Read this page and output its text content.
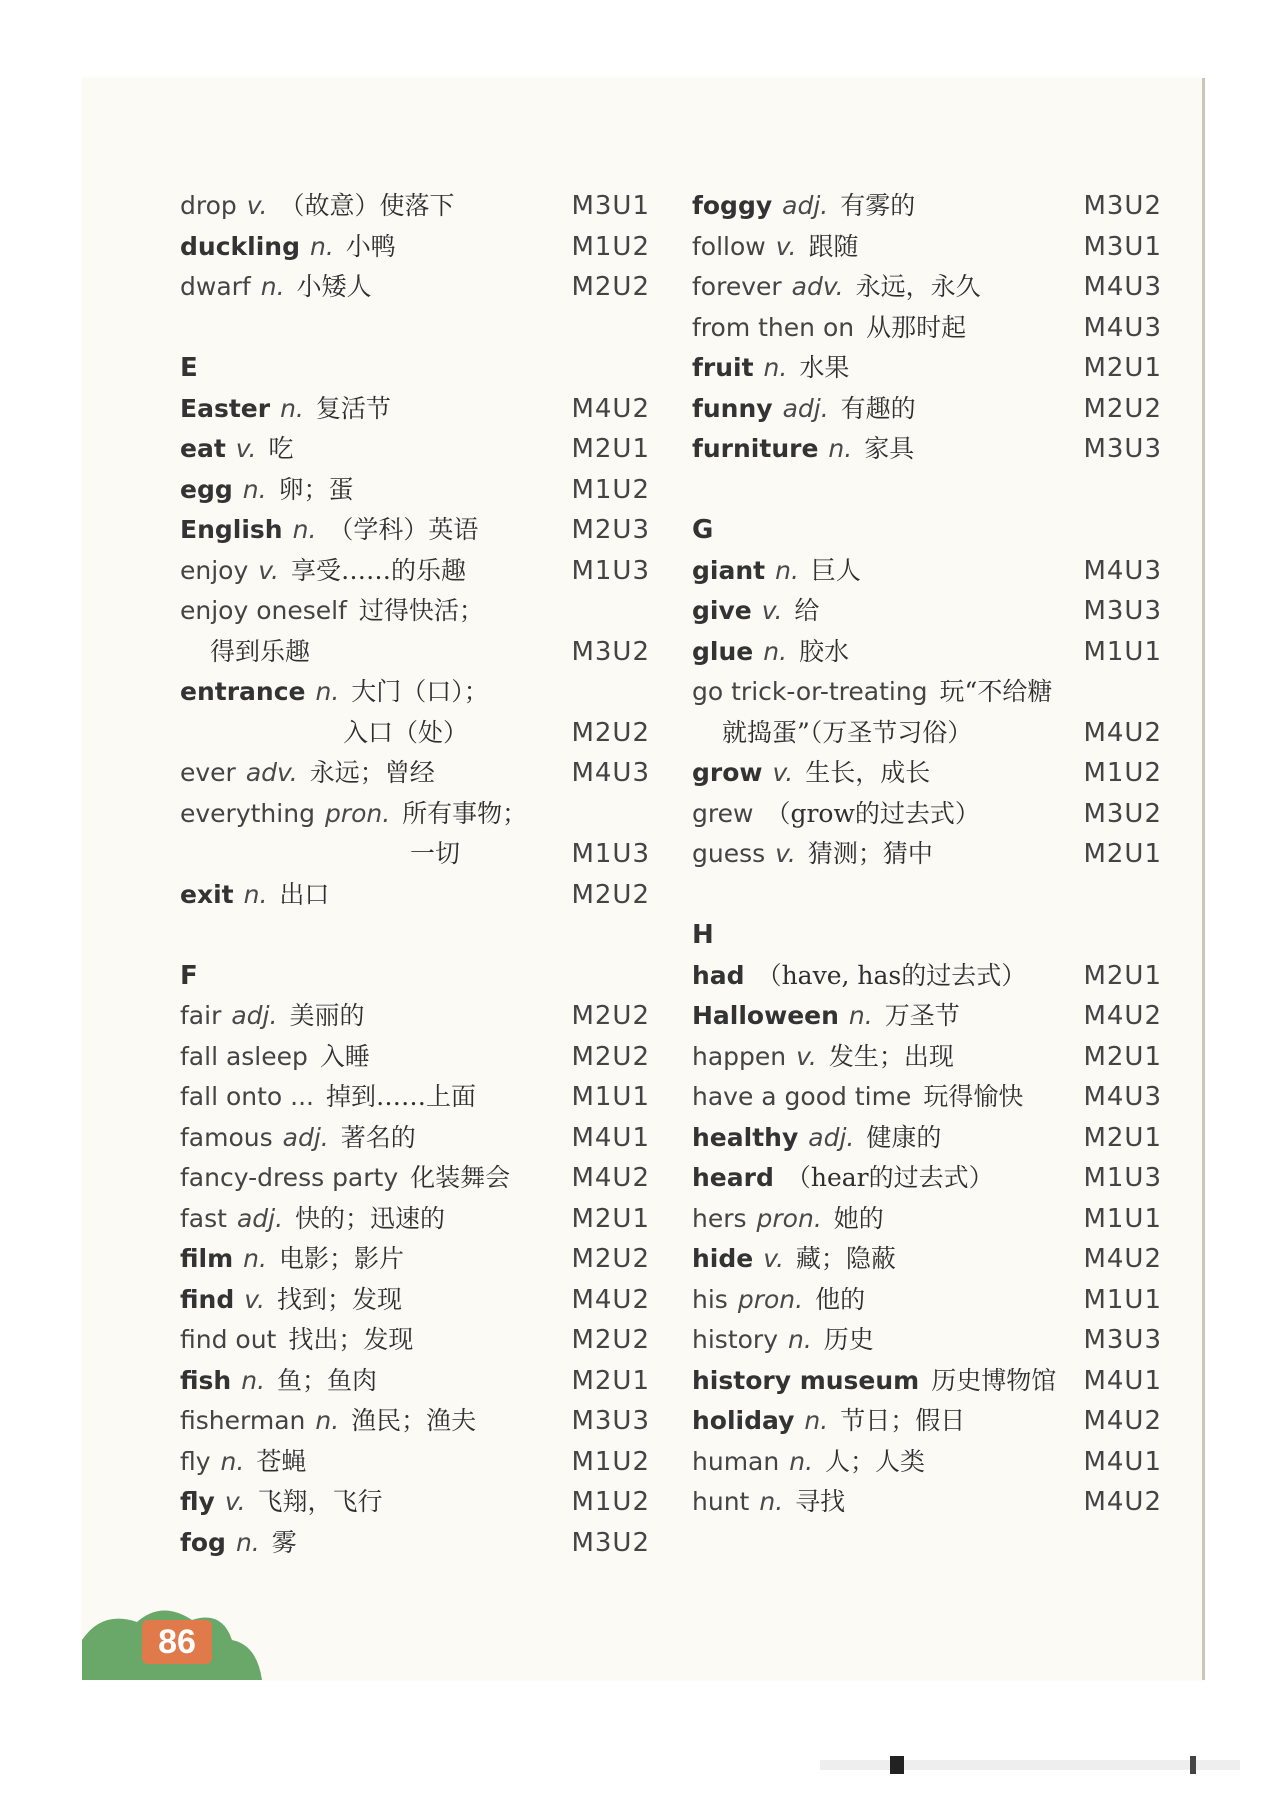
drop v. （故意）使落下	M3U1
duckling n. 小鸭	M1U2
dwarf n. 小矮人	M2U2
E
Easter n. 复活节	M4U2
eat v. 吃	M2U1
egg n. 卵；蛋	M1U2
English n. （学科）英语	M2U3
enjoy v. 享受……的乐趣	M1U3
enjoy oneself 过得快活；
得到乐趣	M3U2
entrance n. 大门（口）；
入口（处）	M2U2
ever adv. 永远；曾经	M4U3
everything pron. 所有事物；
一切	M1U3
exit n. 出口	M2U2
F
fair adj. 美丽的	M2U2
fall asleep 入睡	M2U2
fall onto ... 掉到……上面	M1U1
famous adj. 著名的	M4U1
fancy-dress party 化装舞会 M4U2
fast adj. 快的；迅速的	M2U1
film n. 电影；影片	M2U2
find v. 找到；发现	M4U2
find out 找出；发现	M2U2
fish n. 鱼；鱼肉	M2U1
fisherman n. 渔民；渔夫	M3U3
fly n. 苍蝇	M1U2
fly v. 飞翔，飞行	M1U2
fog n. 雾	M3U2
foggy adj. 有雾的	M3U2
follow v. 跟随	M3U1
forever adv. 永远，永久	M4U3
from then on 从那时起	M4U3
fruit n. 水果	M2U1
funny adj. 有趣的	M2U2
furniture n. 家具	M3U3
G
giant n. 巨人	M4U3
give v. 给	M3U3
glue n. 胶水	M1U1
go trick-or-treating 玩“不给糖
就捣蛋”（万圣节习俗）	M4U2
grow v. 生长，成长	M1U2
grew （grow的过去式）	M3U2
guess v. 猜测；猜中	M2U1
H
had （have, has的过去式） M2U1
Halloween n. 万圣节	M4U2
happen v. 发生；出现	M2U1
have a good time 玩得愉快 M4U3
healthy adj. 健康的	M2U1
heard （hear的过去式）	M1U3
hers pron. 她的	M1U1
hide v. 藏；隐蔽	M4U2
his pron. 他的	M1U1
history n. 历史	M3U3
history museum 历史博物馆 M4U1
holiday n. 节日；假日	M4U2
human n. 人；人类	M4U1
hunt n. 寻找	M4U2
86
